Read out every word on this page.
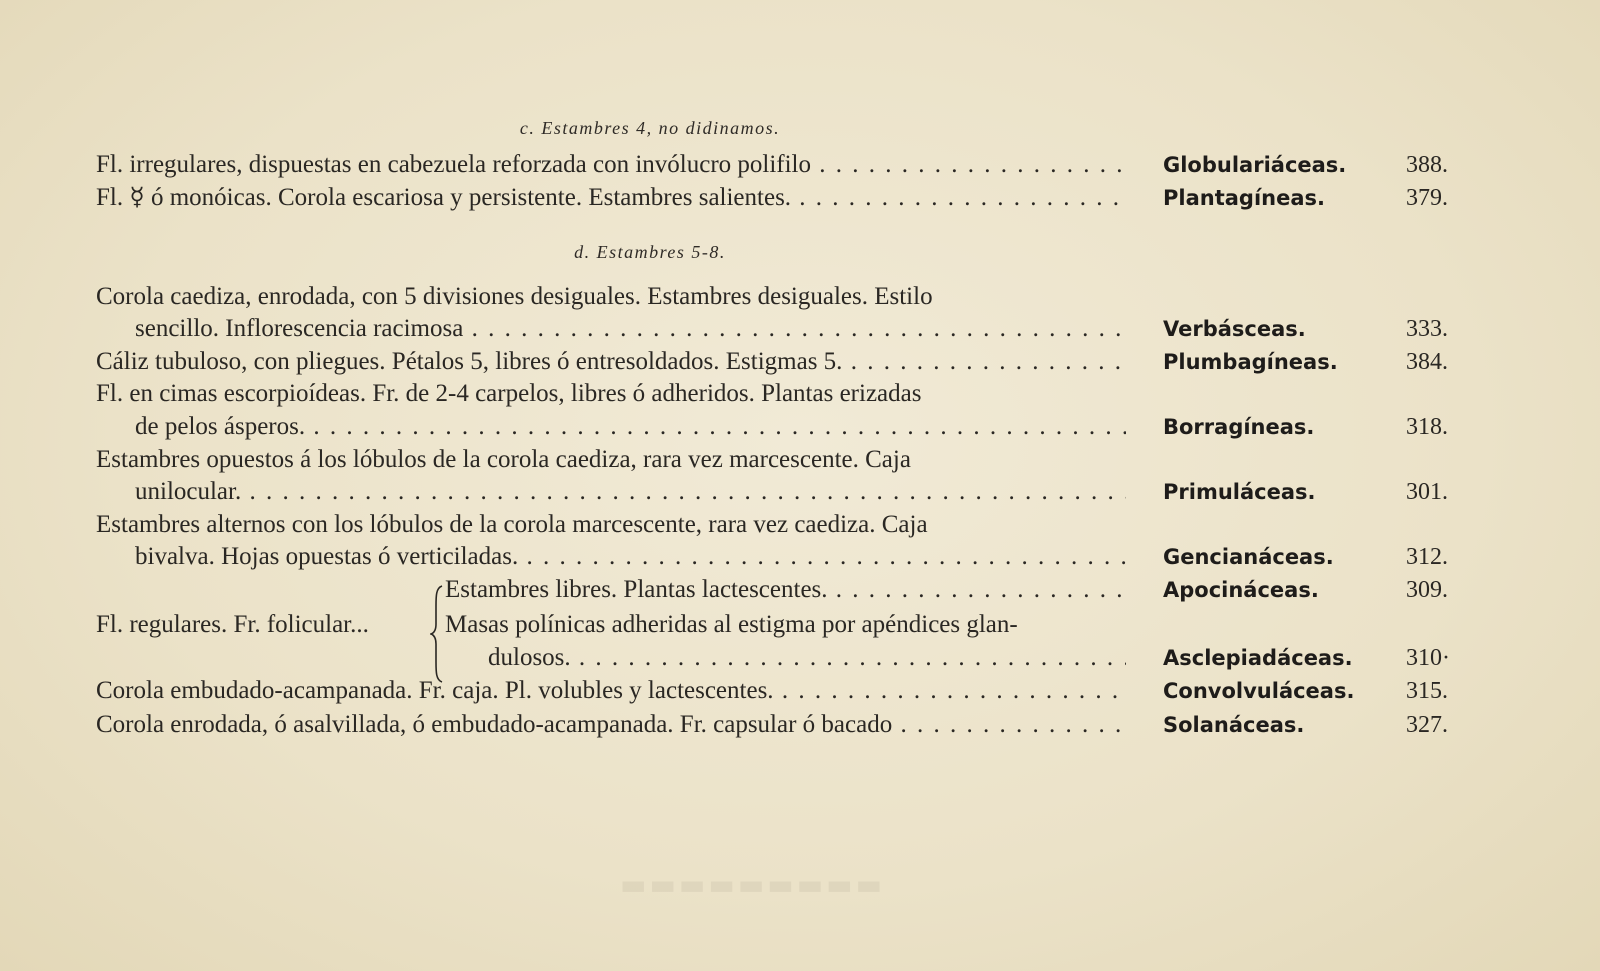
▬▬▬▬▬▬▬▬▬
c. Estambres 4, no didinamos.
Fl. irregulares, dispuestas en cabezuela reforzada con invólucro polifilo . . .	Globulariáceas. 388.
Fl. ☿ ó monóicas. Corola escariosa y persistente. Estambres salientes. . . .	Plantagíneas.	379.
d. Estambres 5-8.
Corola caediza, enrodada, con 5 divisiones desiguales. Estambres desiguales. Estilo
sencillo. Inflorescencia racimosa . . .	Verbásceas.	333.
Cáliz tubuloso, con pliegues. Pétalos 5, libres ó entresoldados. Estigmas 5. . . .	Plumbagíneas.	384.
Fl. en cimas escorpioídeas. Fr. de 2-4 carpelos, libres ó adheridos. Plantas erizadas
de pelos ásperos. . . .	Borragíneas.	318.
Estambres opuestos á los lóbulos de la corola caediza, rara vez marcescente. Caja
unilocular. . . .	Primuláceas.	301.
Estambres alternos con los lóbulos de la corola marcescente, rara vez caediza. Caja
bivalva. Hojas opuestas ó verticiladas. . . .	Gencianáceas.	312.
Estambres libres. Plantas lactescentes. . . .	Apocináceas.	309.
Fl. regulares. Fr. folicular...	Masas polínicas adheridas al estigma por apéndices glan-
dulosos. . . .	Asclepiadáceas. 310·
Corola embudado-acampanada. Fr. caja. Pl. volubles y lactescentes. . . .	Convolvuláceas. 315.
Corola enrodada, ó asalvillada, ó embudado-acampanada. Fr. capsular ó bacado . . .	Solanáceas.	327.
